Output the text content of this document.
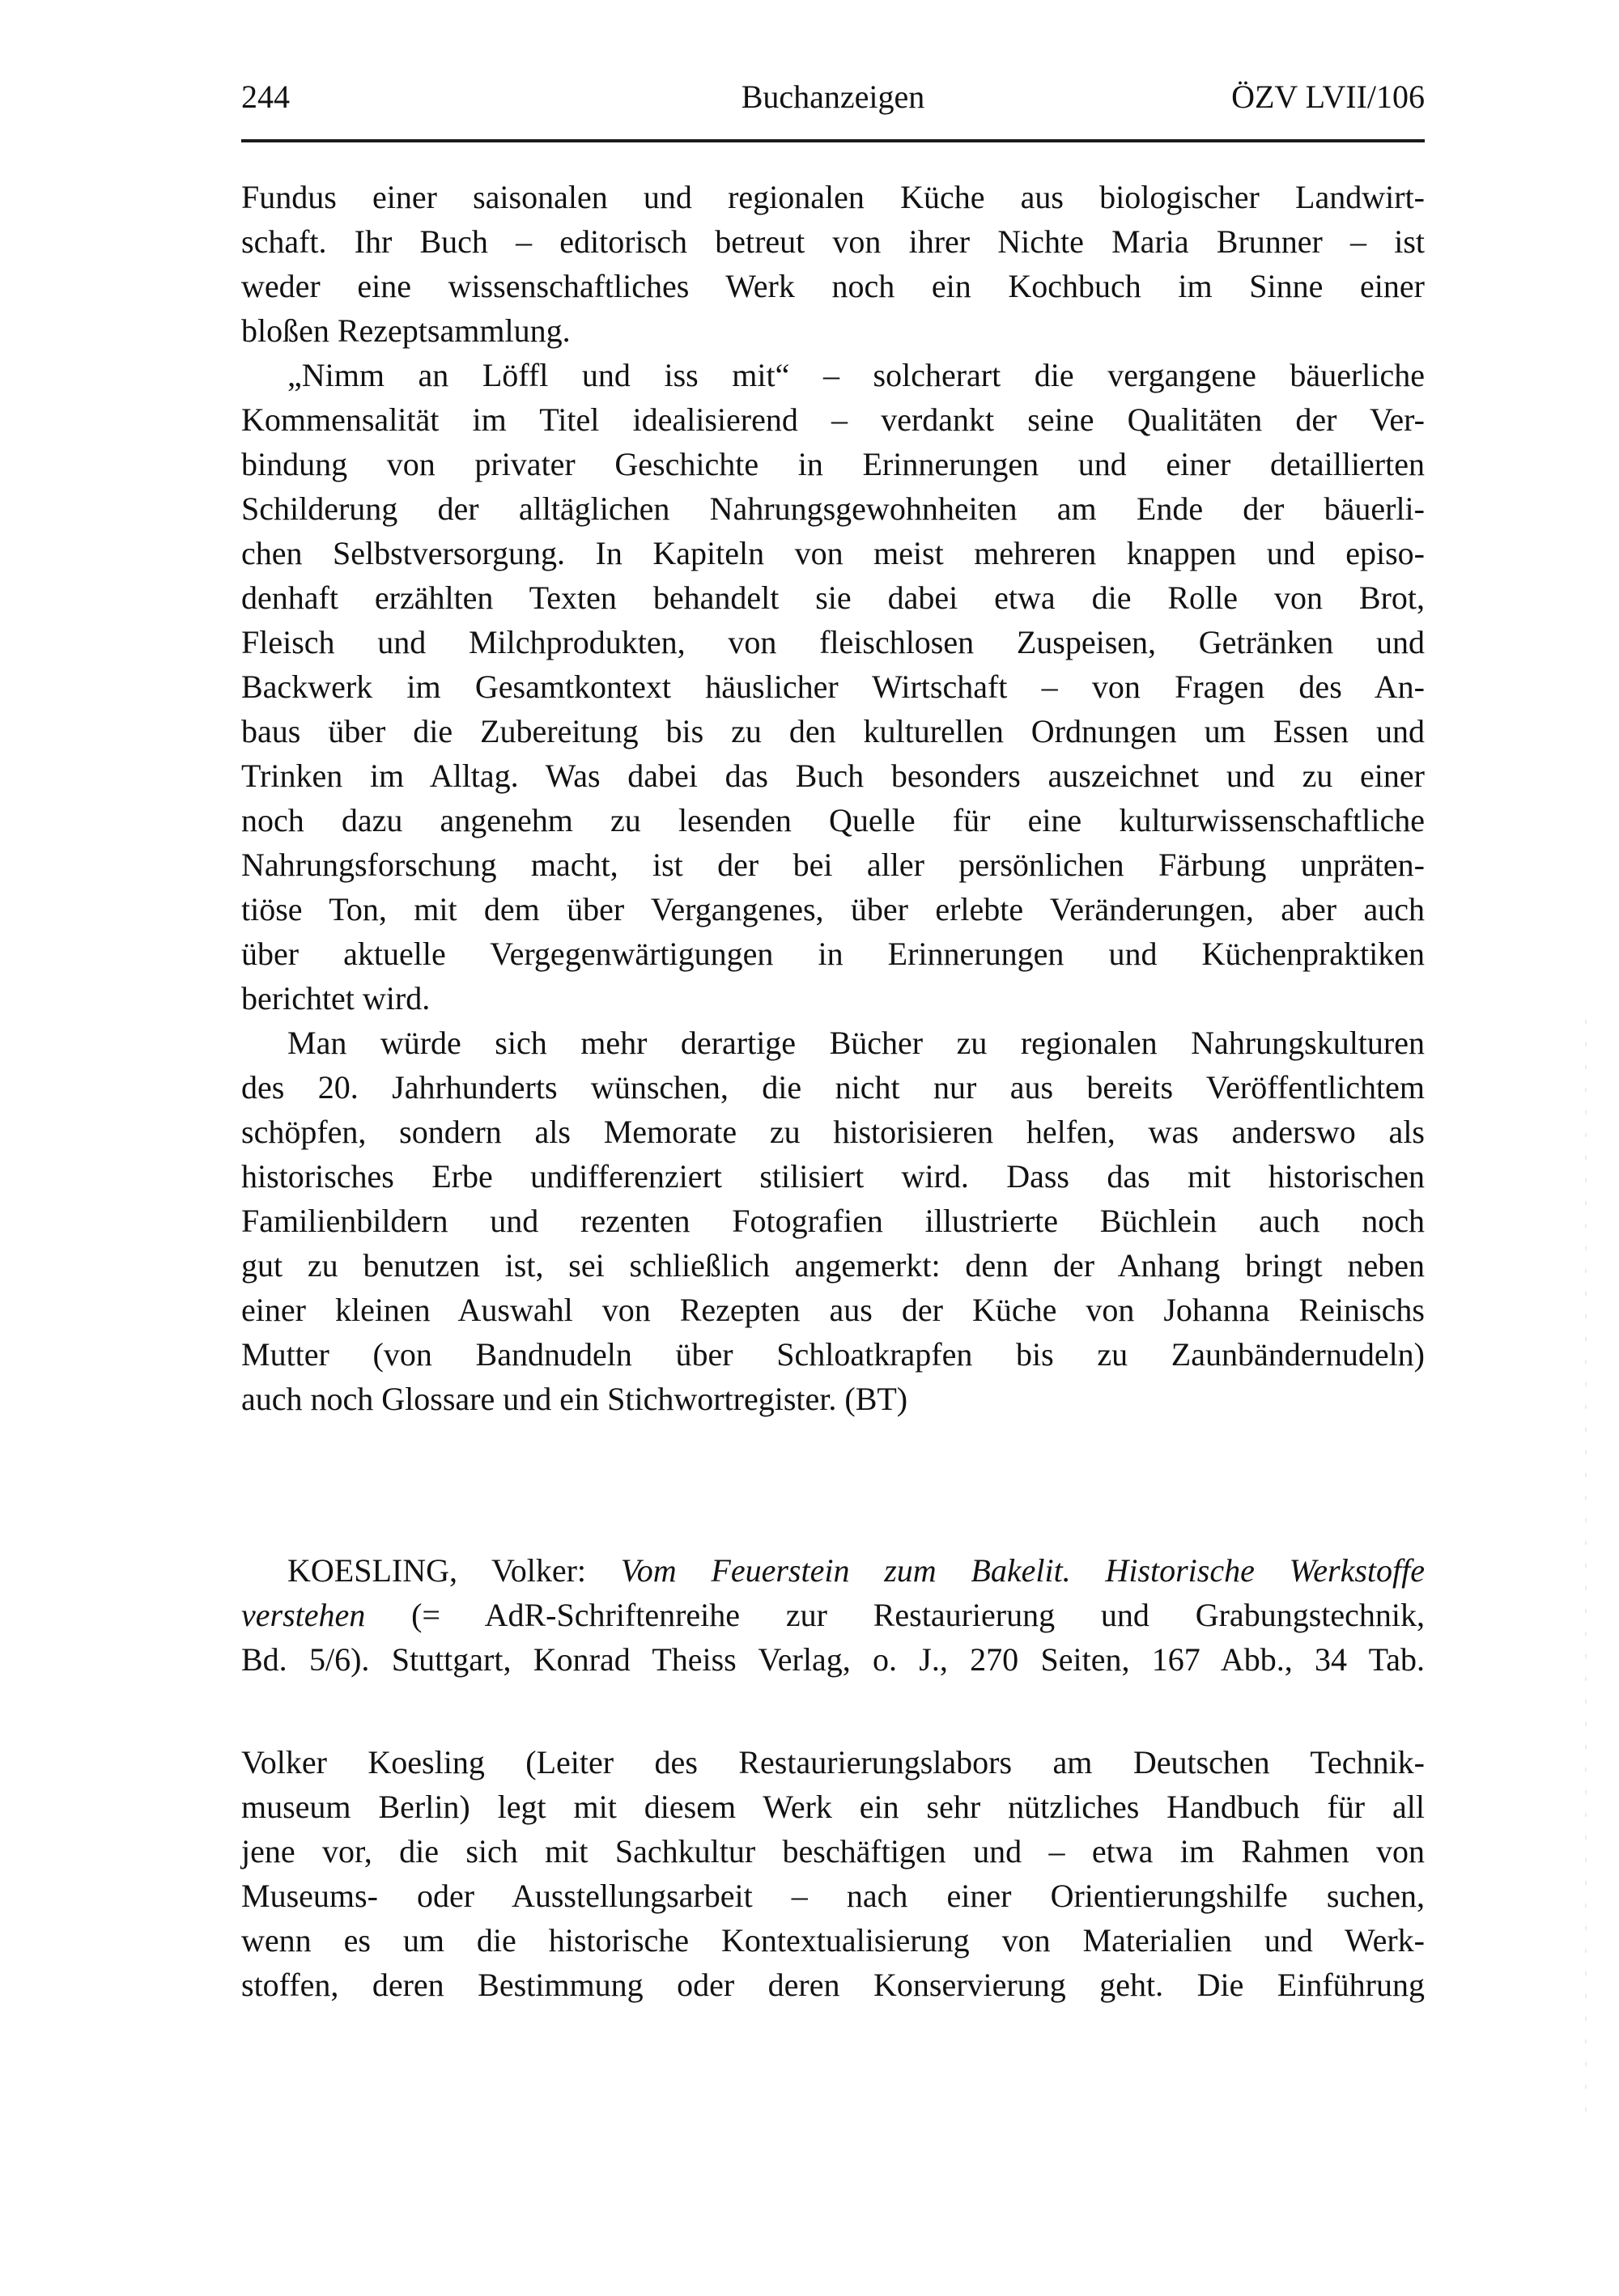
244	Buchanzeigen	ÖZV LVII/106
Fundus einer saisonalen und regionalen Küche aus biologischer Landwirt-
schaft. Ihr Buch – editorisch betreut von ihrer Nichte Maria Brunner – ist
weder eine wissenschaftliches Werk noch ein Kochbuch im Sinne einer
bloßen Rezeptsammlung.
„Nimm an Löffl und iss mit“ – solcherart die vergangene bäuerliche
Kommensalität im Titel idealisierend – verdankt seine Qualitäten der Ver-
bindung von privater Geschichte in Erinnerungen und einer detaillierten
Schilderung der alltäglichen Nahrungsgewohnheiten am Ende der bäuerli-
chen Selbstversorgung. In Kapiteln von meist mehreren knappen und episo-
denhaft erzählten Texten behandelt sie dabei etwa die Rolle von Brot,
Fleisch und Milchprodukten, von fleischlosen Zuspeisen, Getränken und
Backwerk im Gesamtkontext häuslicher Wirtschaft – von Fragen des An-
baus über die Zubereitung bis zu den kulturellen Ordnungen um Essen und
Trinken im Alltag. Was dabei das Buch besonders auszeichnet und zu einer
noch dazu angenehm zu lesenden Quelle für eine kulturwissenschaftliche
Nahrungsforschung macht, ist der bei aller persönlichen Färbung unpräten-
tiöse Ton, mit dem über Vergangenes, über erlebte Veränderungen, aber auch
über aktuelle Vergegenwärtigungen in Erinnerungen und Küchenpraktiken
berichtet wird.
Man würde sich mehr derartige Bücher zu regionalen Nahrungskulturen
des 20. Jahrhunderts wünschen, die nicht nur aus bereits Veröffentlichtem
schöpfen, sondern als Memorate zu historisieren helfen, was anderswo als
historisches Erbe undifferenziert stilisiert wird. Dass das mit historischen
Familienbildern und rezenten Fotografien illustrierte Büchlein auch noch
gut zu benutzen ist, sei schließlich angemerkt: denn der Anhang bringt neben
einer kleinen Auswahl von Rezepten aus der Küche von Johanna Reinischs
Mutter (von Bandnudeln über Schloatkrapfen bis zu Zaunbändernudeln)
auch noch Glossare und ein Stichwortregister. (BT)
KOESLING, Volker: Vom Feuerstein zum Bakelit. Historische Werkstoffe
verstehen (= AdR-Schriftenreihe zur Restaurierung und Grabungstechnik,
Bd. 5/6). Stuttgart, Konrad Theiss Verlag, o. J., 270 Seiten, 167 Abb., 34 Tab.
Volker Koesling (Leiter des Restaurierungslabors am Deutschen Technik-
museum Berlin) legt mit diesem Werk ein sehr nützliches Handbuch für all
jene vor, die sich mit Sachkultur beschäftigen und – etwa im Rahmen von
Museums- oder Ausstellungsarbeit – nach einer Orientierungshilfe suchen,
wenn es um die historische Kontextualisierung von Materialien und Werk-
stoffen, deren Bestimmung oder deren Konservierung geht. Die Einführung
